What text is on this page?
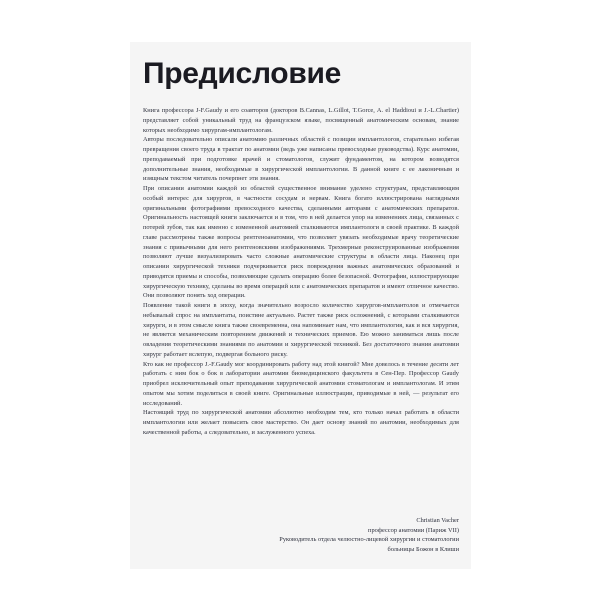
Предисловие

Книга профессора J-F.Gaudy и его соавторов (докторов B.Cannas, L.Gillot, T.Gorce, A. el Haddioui и J.-L.Chartier) представляет собой уникальный труд на французском языке, посвященный анатомическим основам, знание которых необходимо хирургам-имплантологам.

Авторы последовательно описали анатомию различных областей с позиции имплантологов, старательно избегая превращения своего труда в трактат по анатомии (ведь уже написаны превосходные руководства). Курс анатомии, преподаваемый при подготовке врачей и стоматологов, служит фундаментом, на котором возводятся дополнительные знания, необходимые в хирургической имплантологии. В данной книге с ее лаконичным и изящным текстом читатель почерпнет эти знания.

При описании анатомии каждой из областей существенное внимание уделено структурам, представляющим особый интерес для хирургов, в частности сосудам и нервам. Книга богато иллюстрирована наглядными оригинальными фотографиями превосходного качества, сделанными авторами с анатомических препаратов. Оригинальность настоящей книги заключается и в том, что в ней делается упор на изменениях лица, связанных с потерей зубов, так как именно с измененной анатомией сталкиваются имплантологи в своей практике. В каждой главе рассмотрены также вопросы рентгеноанатомии, что позволяет увязать необходимые врачу теоретические знания с привычными для него рентгеновскими изображениями. Трехмерные реконструированные изображения позволяют лучше визуализировать часто сложные анатомические структуры в области лица. Наконец при описании хирургической техники подчеркивается риск повреждения важных анатомических образований и приводятся приемы и способы, позволяющие сделать операцию более безопасной. Фотографии, иллюстрирующие хирургическую технику, сделаны во время операций или с анатомических препаратов и имеют отличное качество. Они позволяют понять ход операции.

Появление такой книги в эпоху, когда значительно возросло количество хирургов-имплантолов и отмечается небывалый спрос на имплантаты, поистине актуально. Растет также риск осложнений, с которыми сталкиваются хирурги, и в этом смысле книга также своевременна, она напоминает нам, что имплантология, как и вся хирургия, не является механическим повторением движений и технических приемов. Ею можно заниматься лишь после овладения теоретическими знаниями по анатомии и хирургической техникой. Без достаточного знания анатомии хирург работает вслепую, подвергая больного риску.

Кто как не профессор J.-F.Gaudy мог координировать работу над этой книгой? Мне довелось в течение десяти лет работать с ним бок о бок в лаборатории анатомии биомедицинского факультета в Сен-Пер. Профессор Gaudy приобрел исключительный опыт преподавания хирургической анатомии стоматологам и имплантологам. И этим опытом мы хотим поделиться в своей книге. Оригинальные иллюстрации, приводимые в ней, — результат его исследований.

Настоящий труд по хирургической анатомии абсолютно необходим тем, кто только начал работать в области имплантологии или желает повысить свое мастерство. Он дает основу знаний по анатомии, необходимых для качественной работы, а следовательно, и заслуженного успеха.

Christian Vacher

профессор анатомии (Париж VII)

Руководитель отдела челюстно-лицевой хирургии и стоматологии

больницы Божон в Клиши
